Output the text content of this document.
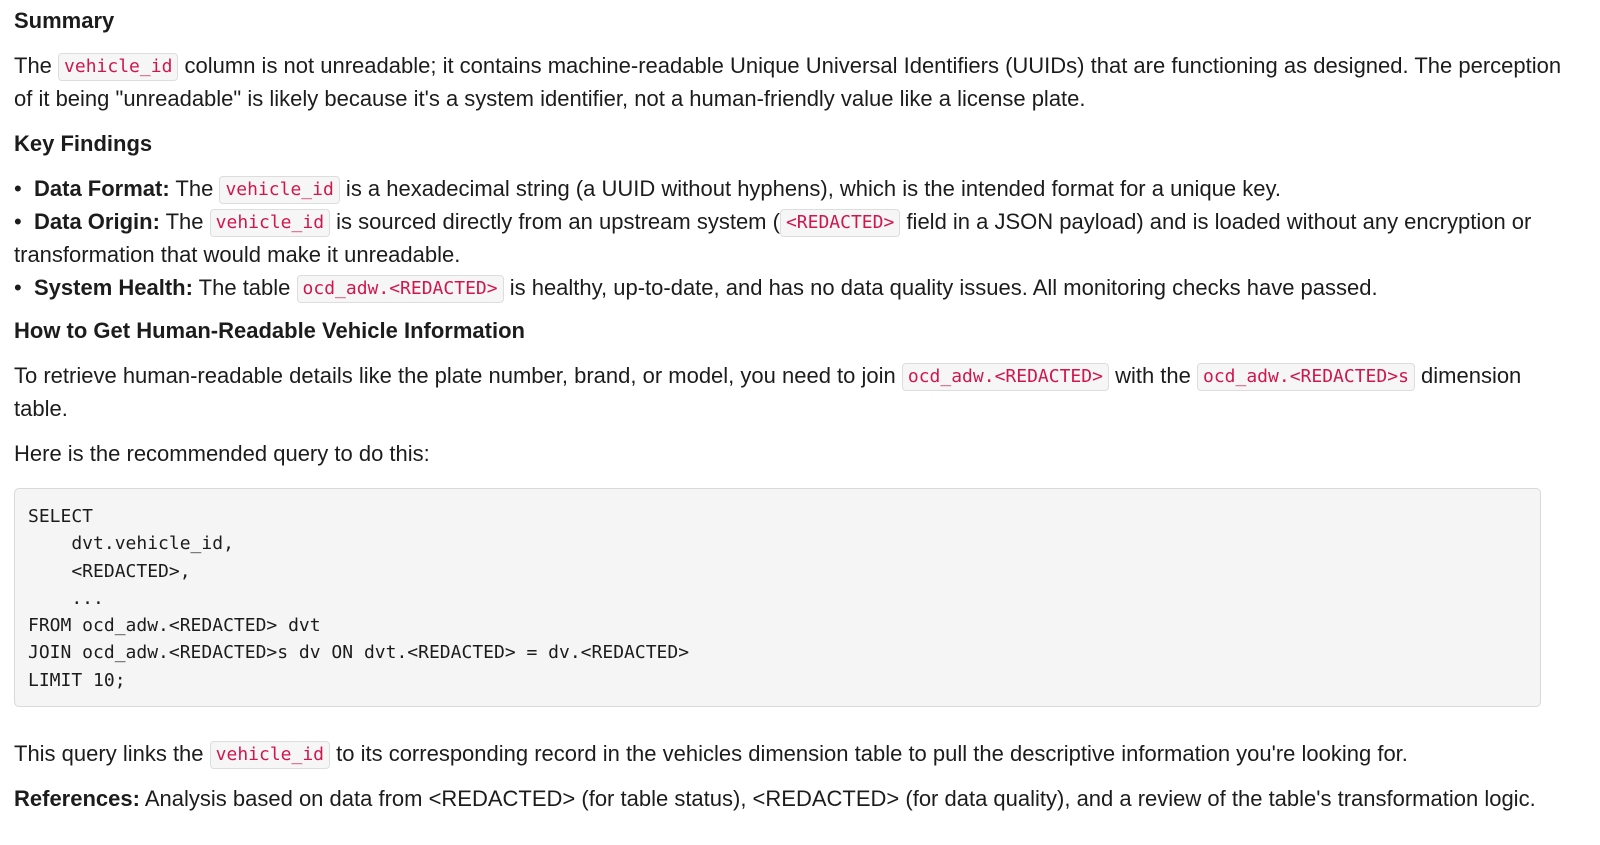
Summary

The vehicle_id column is not unreadable; it contains machine-readable Unique Universal Identifiers (UUIDs) that are functioning as designed. The perception of it being "unreadable" is likely because it's a system identifier, not a human-friendly value like a license plate.

Key Findings
• Data Format: The vehicle_id is a hexadecimal string (a UUID without hyphens), which is the intended format for a unique key.
• Data Origin: The vehicle_id is sourced directly from an upstream system ( <REDACTED> field in a JSON payload) and is loaded without any encryption or transformation that would make it unreadable.
• System Health: The table ocd_adw.<REDACTED> is healthy, up-to-date, and has no data quality issues. All monitoring checks have passed.
How to Get Human-Readable Vehicle Information

To retrieve human-readable details like the plate number, brand, or model, you need to join ocd_adw.<REDACTED> with the ocd_adw.<REDACTED>s dimension table.

Here is the recommended query to do this:

SELECT
dvt.vehicle_id,
<REDACTED>,
...
FROM ocd_adw.<REDACTED> dvt
JOIN ocd_adw.<REDACTED>s dv ON dvt.<REDACTED> = dv.<REDACTED>
LIMIT 10;

This query links the vehicle_id to its corresponding record in the vehicles dimension table to pull the descriptive information you're looking for.

References: Analysis based on data from <REDACTED> (for table status), <REDACTED> (for data quality), and a review of the table's transformation logic.
